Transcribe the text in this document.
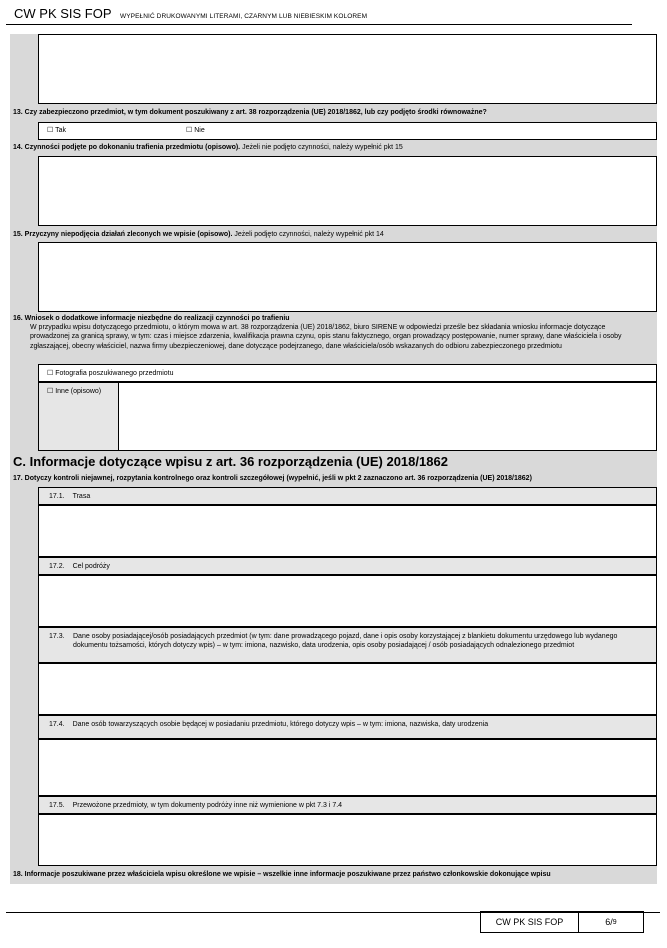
CW PK SIS FOP WYPEŁNIĆ DRUKOWANYMI LITERAMI, CZARNYM LUB NIEBIESKIM KOLOREM
13. Czy zabezpieczono przedmiot, w tym dokument poszukiwany z art. 38 rozporządzenia (UE) 2018/1862, lub czy podjęto środki równoważne?
☐ Tak	☐ Nie
14. Czynności podjęte po dokonaniu trafienia przedmiotu (opisowo). Jeżeli nie podjęto czynności, należy wypełnić pkt 15
15. Przyczyny niepodjęcia działań zleconych we wpisie (opisowo). Jeżeli podjęto czynności, należy wypełnić pkt 14
16. Wniosek o dodatkowe informacje niezbędne do realizacji czynności po trafieniu
W przypadku wpisu dotyczącego przedmiotu, o którym mowa w art. 38 rozporządzenia (UE) 2018/1862, biuro SIRENE w odpowiedzi prześle bez składania wniosku informacje dotyczące prowadzonej za granicą sprawy, w tym: czas i miejsce zdarzenia, kwalifikacja prawna czynu, opis stanu faktycznego, organ prowadzący postępowanie, numer sprawy, dane właściciela i osoby zgłaszającej, obecny właściciel, nazwa firmy ubezpieczeniowej, dane dotyczące podejrzanego, dane właściciela/osób wskazanych do odbioru zabezpieczonego przedmiotu
☐ Fotografia poszukiwanego przedmiotu
☐ Inne (opisowo)
C. Informacje dotyczące wpisu z art. 36 rozporządzenia (UE) 2018/1862
17. Dotyczy kontroli niejawnej, rozpytania kontrolnego oraz kontroli szczegółowej (wypełnić, jeśli w pkt 2 zaznaczono art. 36 rozporządzenia (UE) 2018/1862)
17.1. Trasa
17.2. Cel podróży
17.3.	Dane osoby posiadającej/osób posiadających przedmiot (w tym: dane prowadzącego pojazd, dane i opis osoby korzystającej z blankietu dokumentu urzędowego lub wydanego dokumentu tożsamości, których dotyczy wpis) – w tym: imiona, nazwisko, data urodzenia, opis osoby posiadającej / osób posiadających odnalezionego przedmiot
17.4. Dane osób towarzyszących osobie będącej w posiadaniu przedmiotu, którego dotyczy wpis – w tym: imiona, nazwiska, daty urodzenia
17.5. Przewożone przedmioty, w tym dokumenty podróży inne niż wymienione w pkt 7.3 i 7.4
18. Informacje poszukiwane przez właściciela wpisu określone we wpisie – wszelkie inne informacje poszukiwane przez państwo członkowskie dokonujące wpisu
CW PK SIS FOP	6/ 9
